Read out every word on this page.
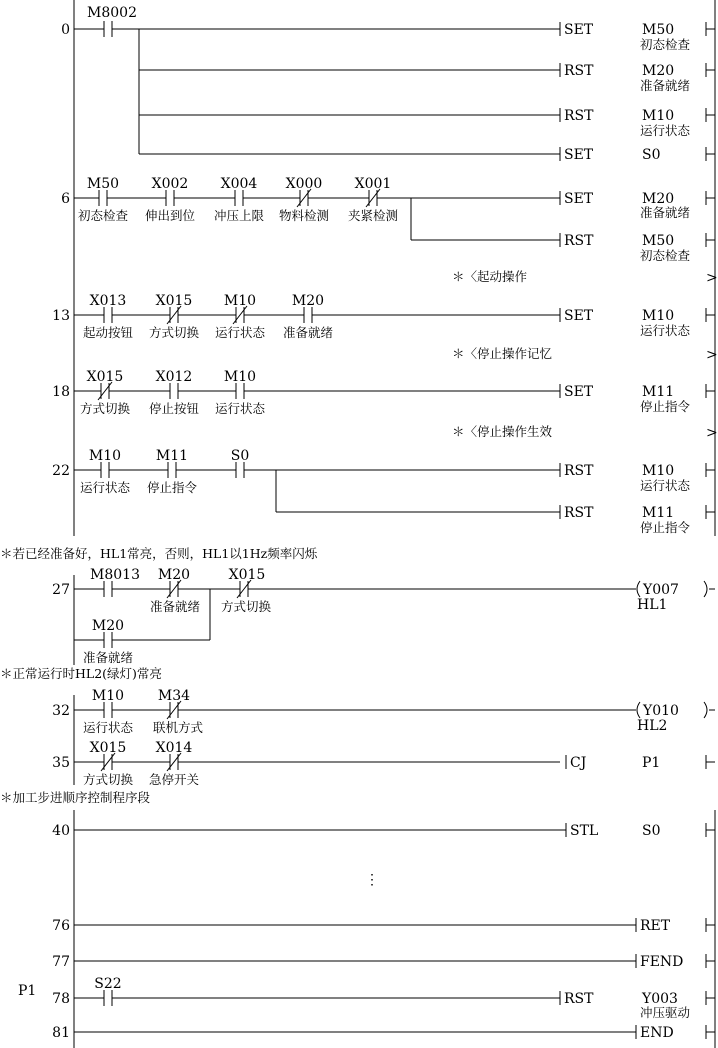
0
M8002
SET	M50
初态检查
RST	M20
准备就绪
RST	M10
运行状态
SET	S0
6
M50 X002 X004 X000 X001
初态检查 伸出到位 冲压上限 物料检测 夹紧检测
SET	M20
准备就绪
RST	M50
初态检查
＊〈起动操作	>
13
X013 X015 M10	M20
起动按钮 方式切换 运行状态 准备就绪
SET	M10
运行状态
＊〈停止操作记忆	>
18
X015 X012 M10
方式切换 停止按钮 运行状态
SET	M11
停止指令
＊〈停止操作生效	>
22
M10 M11	S0
运行状态 停止指令
RST	M10
运行状态
RST	M11
停止指令
＊若已经准备好，HL1常亮，否则，HL1以1Hz频率闪烁
27
M8013 M20	X015
准备就绪 方式切换
M20
准备就绪
Y007
HL1
＊正常运行时HL2(绿灯)常亮
32
M10 M34
运行状态 联机方式
Y010
HL2
35
X015 X014
方式切换 急停开关
CJ	P1
＊加工步进顺序控制程序段
40	STL	S0
⋮
76	RET
77	FEND
P1 78
S22
RST	Y003
冲压驱动
81	END
